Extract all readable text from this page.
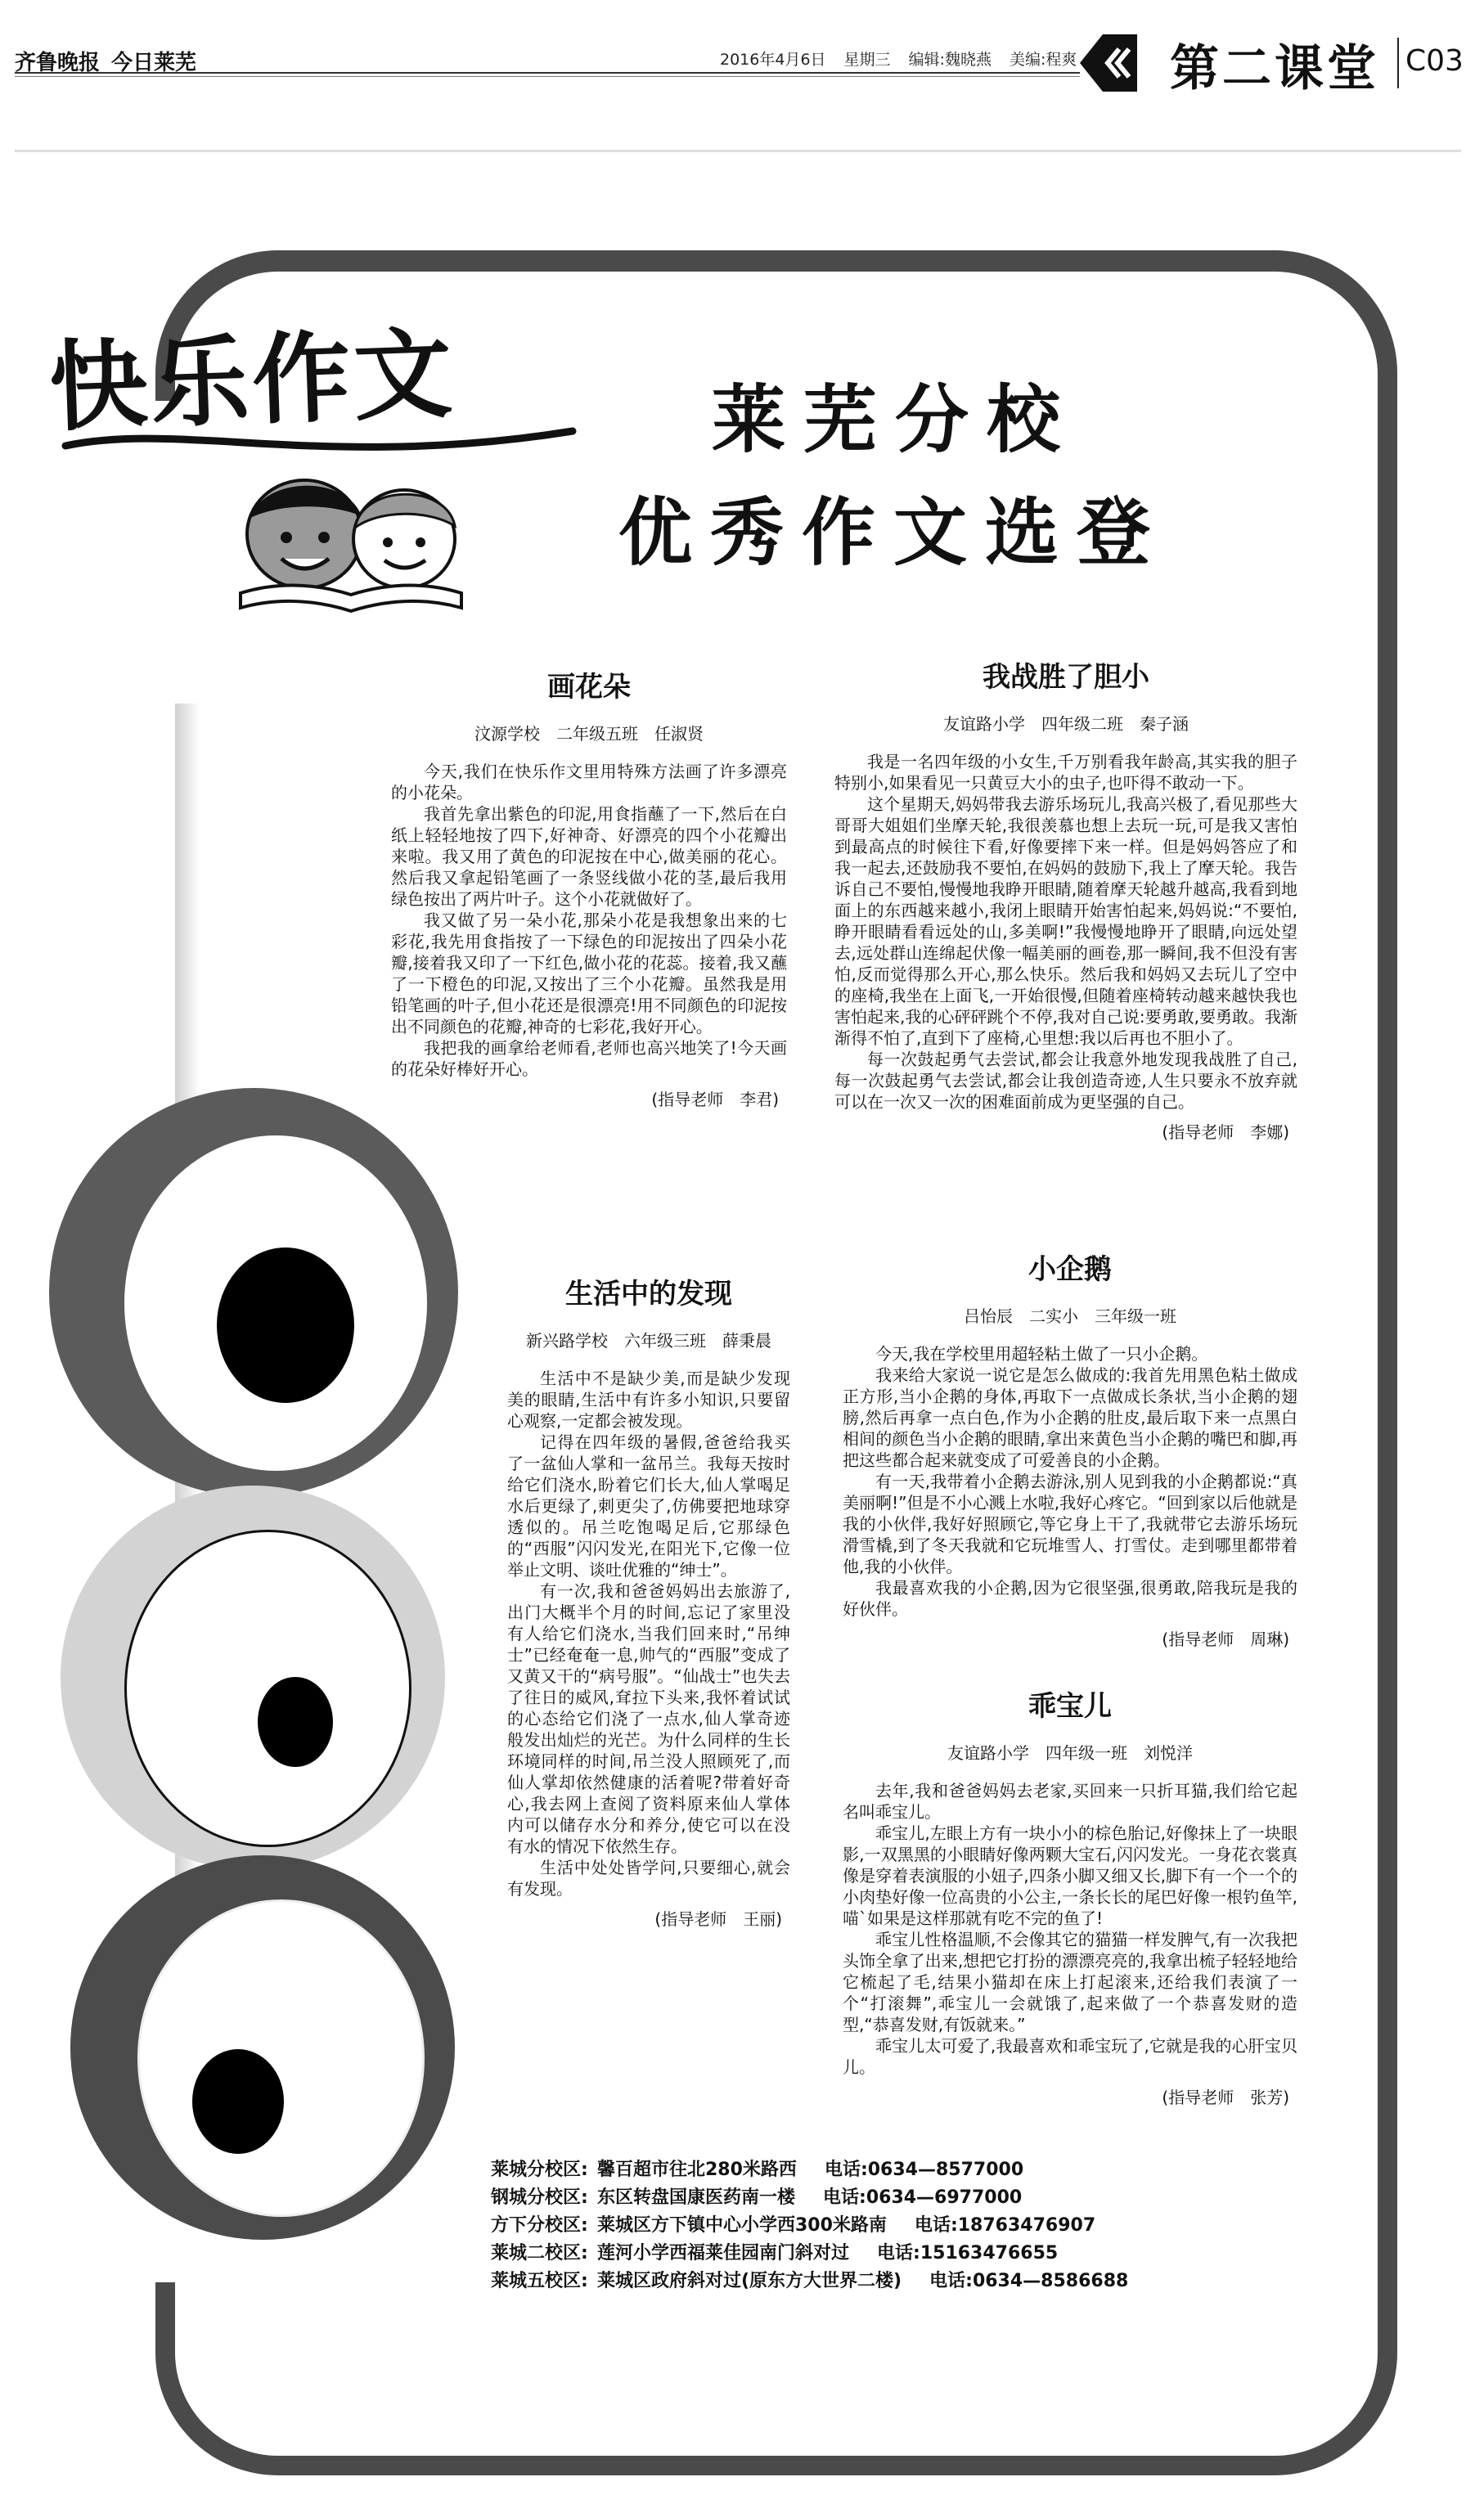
齐鲁晚报 今日莱芜	2016年4月6日 星期三 编辑:魏晓燕 美编:程爽	第二课堂 C03
快乐作文	莱芜分校
优秀作文选登
画花朵
汶源学校　二年级五班　任淑贤

今天,我们在快乐作文里用特殊方法画了许多漂亮的小花朵。

我首先拿出紫色的印泥,用食指蘸了一下,然后在白纸上轻轻地按了四下,好神奇、好漂亮的四个小花瓣出来啦。我又用了黄色的印泥按在中心,做美丽的花心。然后我又拿起铅笔画了一条竖线做小花的茎,最后我用绿色按出了两片叶子。这个小花就做好了。

我又做了另一朵小花,那朵小花是我想象出来的七彩花,我先用食指按了一下绿色的印泥按出了四朵小花瓣,接着我又印了一下红色,做小花的花蕊。接着,我又蘸了一下橙色的印泥,又按出了三个小花瓣。虽然我是用铅笔画的叶子,但小花还是很漂亮!用不同颜色的印泥按出不同颜色的花瓣,神奇的七彩花,我好开心。

我把我的画拿给老师看,老师也高兴地笑了!今天画的花朵好棒好开心。

(指导老师　李君)
我战胜了胆小
友谊路小学　四年级二班　秦子涵

我是一名四年级的小女生,千万别看我年龄高,其实我的胆子特别小,如果看见一只黄豆大小的虫子,也吓得不敢动一下。

这个星期天,妈妈带我去游乐场玩儿,我高兴极了,看见那些大哥哥大姐姐们坐摩天轮,我很羡慕也想上去玩一玩,可是我又害怕到最高点的时候往下看,好像要摔下来一样。但是妈妈答应了和我一起去,还鼓励我不要怕,在妈妈的鼓励下,我上了摩天轮。我告诉自己不要怕,慢慢地我睁开眼睛,随着摩天轮越升越高,我看到地面上的东西越来越小,我闭上眼睛开始害怕起来,妈妈说:“不要怕,睁开眼睛看看远处的山,多美啊!”我慢慢地睁开了眼睛,向远处望去,远处群山连绵起伏像一幅美丽的画卷,那一瞬间,我不但没有害怕,反而觉得那么开心,那么快乐。然后我和妈妈又去玩儿了空中的座椅,我坐在上面飞,一开始很慢,但随着座椅转动越来越快我也害怕起来,我的心砰砰跳个不停,我对自己说:要勇敢,要勇敢。我渐渐得不怕了,直到下了座椅,心里想:我以后再也不胆小了。

每一次鼓起勇气去尝试,都会让我意外地发现我战胜了自己,每一次鼓起勇气去尝试,都会让我创造奇迹,人生只要永不放弃就可以在一次又一次的困难面前成为更坚强的自己。

(指导老师　李娜)
生活中的发现
新兴路学校　六年级三班　薛秉晨

生活中不是缺少美,而是缺少发现美的眼睛,生活中有许多小知识,只要留心观察,一定都会被发现。

记得在四年级的暑假,爸爸给我买了一盆仙人掌和一盆吊兰。我每天按时给它们浇水,盼着它们长大,仙人掌喝足水后更绿了,刺更尖了,仿佛要把地球穿透似的。吊兰吃饱喝足后,它那绿色的“西服”闪闪发光,在阳光下,它像一位举止文明、谈吐优雅的“绅士”。

有一次,我和爸爸妈妈出去旅游了,出门大概半个月的时间,忘记了家里没有人给它们浇水,当我们回来时,“吊绅士”已经奄奄一息,帅气的“西服”变成了又黄又干的“病号服”。“仙战士”也失去了往日的威风,耷拉下头来,我怀着试试的心态给它们浇了一点水,仙人掌奇迹般发出灿烂的光芒。为什么同样的生长环境同样的时间,吊兰没人照顾死了,而仙人掌却依然健康的活着呢?带着好奇心,我去网上查阅了资料原来仙人掌体内可以储存水分和养分,使它可以在没有水的情况下依然生存。

生活中处处皆学问,只要细心,就会有发现。

(指导老师　王丽)
小企鹅
吕怡辰　二实小　三年级一班

今天,我在学校里用超轻粘土做了一只小企鹅。

我来给大家说一说它是怎么做成的:我首先用黑色粘土做成正方形,当小企鹅的身体,再取下一点做成长条状,当小企鹅的翅膀,然后再拿一点白色,作为小企鹅的肚皮,最后取下来一点黑白相间的颜色当小企鹅的眼睛,拿出来黄色当小企鹅的嘴巴和脚,再把这些都合起来就变成了可爱善良的小企鹅。

有一天,我带着小企鹅去游泳,别人见到我的小企鹅都说:“真美丽啊!”但是不小心溅上水啦,我好心疼它。“回到家以后他就是我的小伙伴,我好好照顾它,等它身上干了,我就带它去游乐场玩滑雪橇,到了冬天我就和它玩堆雪人、打雪仗。走到哪里都带着他,我的小伙伴。

我最喜欢我的小企鹅,因为它很坚强,很勇敢,陪我玩是我的好伙伴。

(指导老师　周琳)
乖宝儿
友谊路小学　四年级一班　刘悦洋

去年,我和爸爸妈妈去老家,买回来一只折耳猫,我们给它起名叫乖宝儿。

乖宝儿,左眼上方有一块小小的棕色胎记,好像抹上了一块眼影,一双黑黑的小眼睛好像两颗大宝石,闪闪发光。一身花衣裳真像是穿着表演服的小妞子,四条小脚又细又长,脚下有一个一个的小肉垫好像一位高贵的小公主,一条长长的尾巴好像一根钓鱼竿,喵`如果是这样那就有吃不完的鱼了!

乖宝儿性格温顺,不会像其它的猫猫一样发脾气,有一次我把头饰全拿了出来,想把它打扮的漂漂亮亮的,我拿出梳子轻轻地给它梳起了毛,结果小猫却在床上打起滚来,还给我们表演了一个“打滚舞”,乖宝儿一会就饿了,起来做了一个恭喜发财的造型,“恭喜发财,有饭就来。”

乖宝儿太可爱了,我最喜欢和乖宝玩了,它就是我的心肝宝贝儿。

(指导老师　张芳)
莱城分校区: 馨百超市往北280米路西 电话:0634—8577000
钢城分校区: 东区转盘国康医药南一楼 电话:0634—6977000
方下分校区: 莱城区方下镇中心小学西300米路南 电话:18763476907
莱城二校区: 莲河小学西福莱佳园南门斜对过 电话:15163476655
莱城五校区: 莱城区政府斜对过(原东方大世界二楼) 电话:0634—8586688
